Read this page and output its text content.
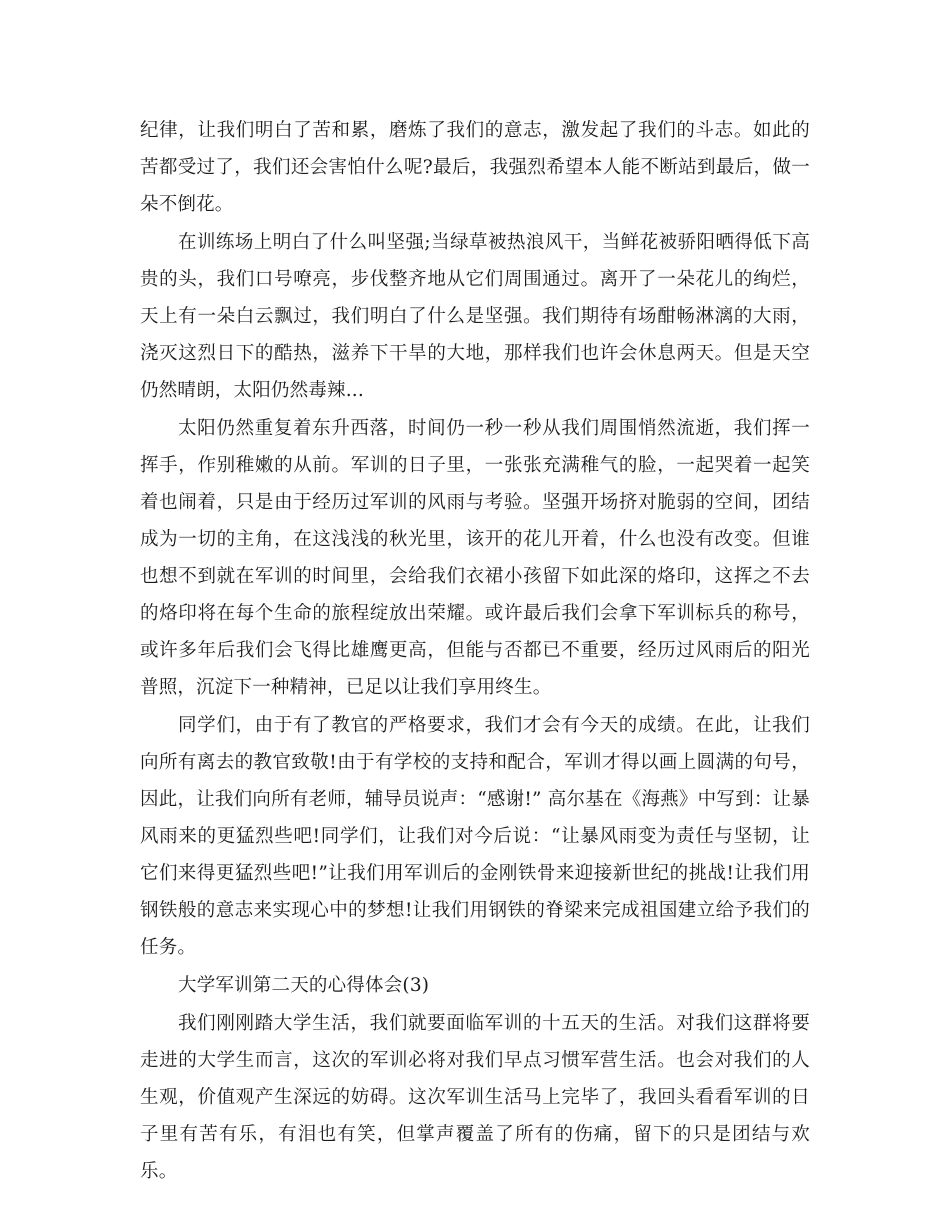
纪律，让我们明白了苦和累，磨炼了我们的意志，激发起了我们的斗志。如此的苦都受过了，我们还会害怕什么呢?最后，我强烈希望本人能不断站到最后，做一朵不倒花。

在训练场上明白了什么叫坚强;当绿草被热浪风干，当鲜花被骄阳晒得低下高贵的头，我们口号嘹亮，步伐整齐地从它们周围通过。离开了一朵花儿的绚烂，天上有一朵白云飘过，我们明白了什么是坚强。我们期待有场酣畅淋漓的大雨，浇灭这烈日下的酷热，滋养下干旱的大地，那样我们也许会休息两天。但是天空仍然晴朗，太阳仍然毒辣...

太阳仍然重复着东升西落，时间仍一秒一秒从我们周围悄然流逝，我们挥一挥手，作别稚嫩的从前。军训的日子里，一张张充满稚气的脸，一起哭着一起笑着也闹着，只是由于经历过军训的风雨与考验。坚强开场挤对脆弱的空间，团结成为一切的主角，在这浅浅的秋光里，该开的花儿开着，什么也没有改变。但谁也想不到就在军训的时间里，会给我们衣裙小孩留下如此深的烙印，这挥之不去的烙印将在每个生命的旅程绽放出荣耀。或许最后我们会拿下军训标兵的称号，或许多年后我们会飞得比雄鹰更高，但能与否都已不重要，经历过风雨后的阳光普照，沉淀下一种精神，已足以让我们享用终生。

同学们，由于有了教官的严格要求，我们才会有今天的成绩。在此，让我们向所有离去的教官致敬!由于有学校的支持和配合，军训才得以画上圆满的句号，因此，让我们向所有老师，辅导员说声：“感谢!” 高尔基在《海燕》中写到：让暴风雨来的更猛烈些吧!同学们，让我们对今后说：“让暴风雨变为责任与坚韧，让它们来得更猛烈些吧!”让我们用军训后的金刚铁骨来迎接新世纪的挑战!让我们用钢铁般的意志来实现心中的梦想!让我们用钢铁的脊梁来完成祖国建立给予我们的任务。

大学军训第二天的心得体会(3)

我们刚刚踏大学生活，我们就要面临军训的十五天的生活。对我们这群将要走进的大学生而言，这次的军训必将对我们早点习惯军营生活。也会对我们的人生观，价值观产生深远的妨碍。这次军训生活马上完毕了，我回头看看军训的日子里有苦有乐，有泪也有笑，但掌声覆盖了所有的伤痛，留下的只是团结与欢乐。
